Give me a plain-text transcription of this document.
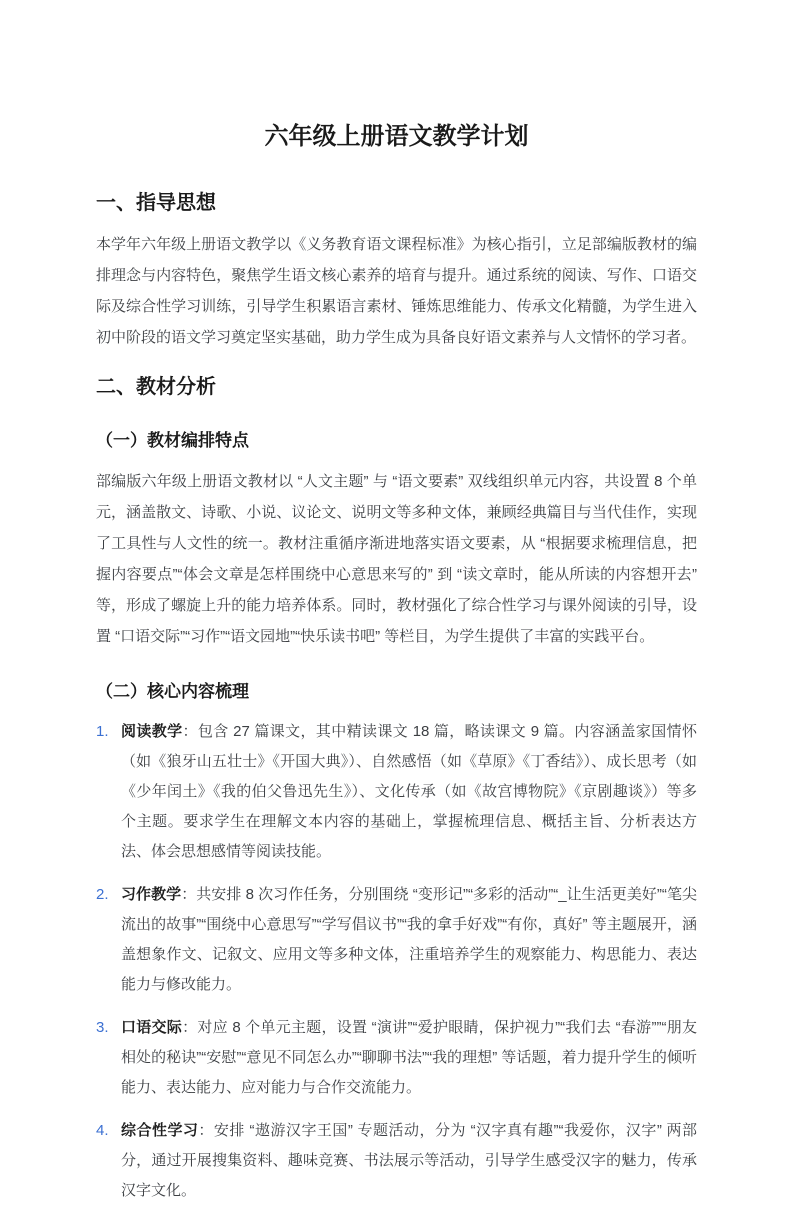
六年级上册语文教学计划
一、指导思想

本学年六年级上册语文教学以《义务教育语文课程标准》为核心指引，立足部编版教材的编排理念与内容特色，聚焦学生语文核心素养的培育与提升。通过系统的阅读、写作、口语交际及综合性学习训练，引导学生积累语言素材、锤炼思维能力、传承文化精髓，为学生进入初中阶段的语文学习奠定坚实基础，助力学生成为具备良好语文素养与人文情怀的学习者。

二、教材分析
（一）教材编排特点

部编版六年级上册语文教材以 “人文主题” 与 “语文要素” 双线组织单元内容，共设置 8 个单元，涵盖散文、诗歌、小说、议论文、说明文等多种文体，兼顾经典篇目与当代佳作，实现了工具性与人文性的统一。教材注重循序渐进地落实语文要素，从 “根据要求梳理信息，把握内容要点”“体会文章是怎样围绕中心意思来写的” 到 “读文章时，能从所读的内容想开去” 等，形成了螺旋上升的能力培养体系。同时，教材强化了综合性学习与课外阅读的引导，设置 “口语交际”“习作”“语文园地”“快乐读书吧” 等栏目，为学生提供了丰富的实践平台。

（二）核心内容梳理
1. 阅读教学：包含 27 篇课文，其中精读课文 18 篇，略读课文 9 篇。内容涵盖家国情怀（如《狼牙山五壮士》《开国大典》）、自然感悟（如《草原》《丁香结》）、成长思考（如《少年闰土》《我的伯父鲁迅先生》）、文化传承（如《故宫博物院》《京剧趣谈》）等多个主题。要求学生在理解文本内容的基础上，掌握梳理信息、概括主旨、分析表达方法、体会思想感情等阅读技能。
2. 习作教学：共安排 8 次习作任务，分别围绕 “变形记”“多彩的活动”“_让生活更美好”“笔尖流出的故事”“围绕中心意思写”“学写倡议书”“我的拿手好戏”“有你，真好” 等主题展开，涵盖想象作文、记叙文、应用文等多种文体，注重培养学生的观察能力、构思能力、表达能力与修改能力。
3. 口语交际：对应 8 个单元主题，设置 “演讲”“爱护眼睛，保护视力”“我们去 “春游””“朋友相处的秘诀”“安慰”“意见不同怎么办”“聊聊书法”“我的理想” 等话题，着力提升学生的倾听能力、表达能力、应对能力与合作交流能力。
4. 综合性学习：安排 “遨游汉字王国” 专题活动，分为 “汉字真有趣”“我爱你，汉字” 两部分，通过开展搜集资料、趣味竞赛、书法展示等活动，引导学生感受汉字的魅力，传承汉字文化。
